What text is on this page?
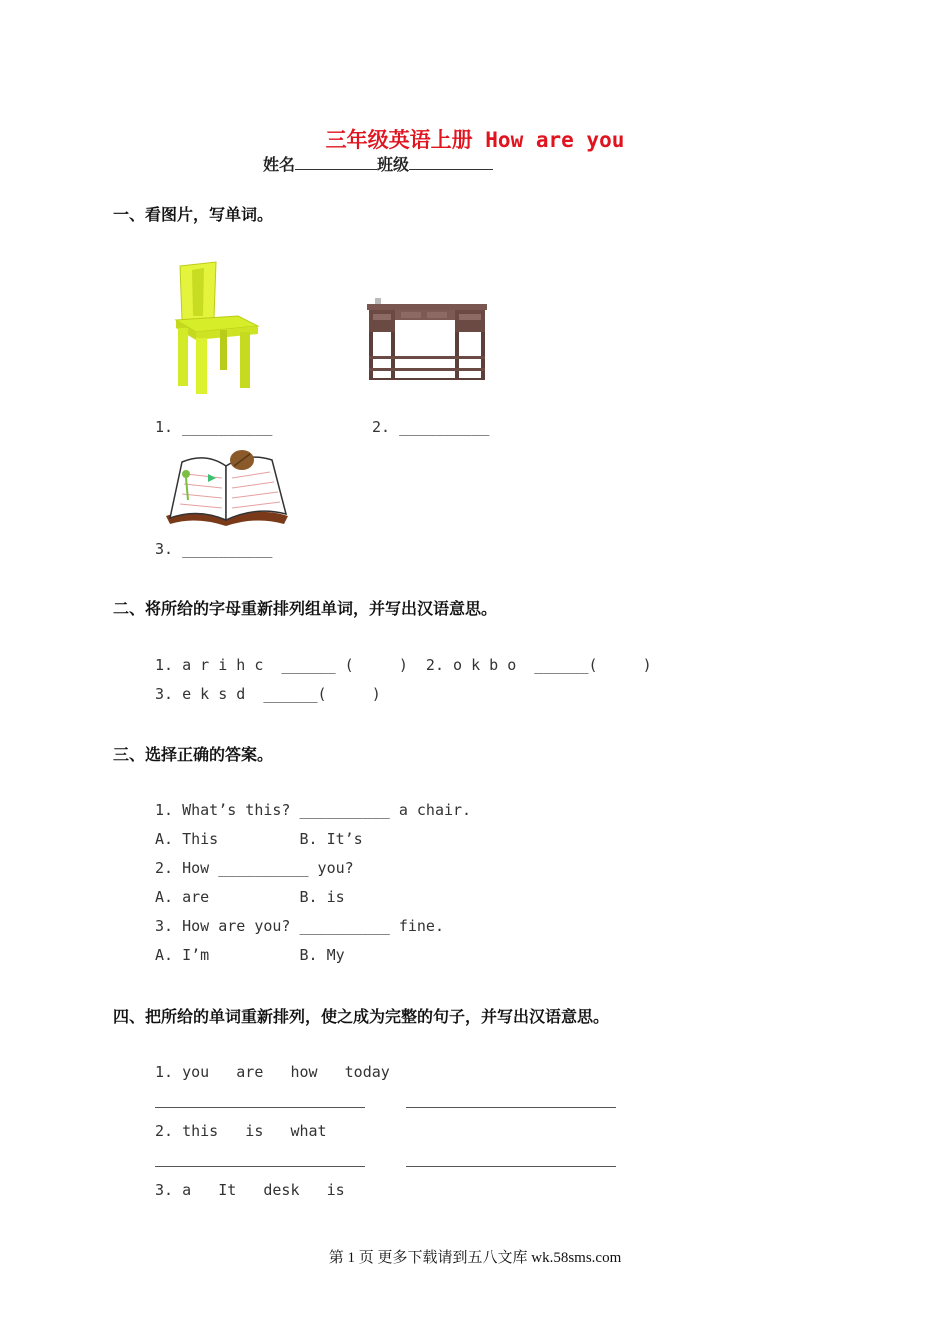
三年级英语上册 How are you
姓名	班级
一、看图片，写单词。
1. __________	2. __________
3. __________
二、将所给的字母重新排列组单词，并写出汉语意思。
1. a r i h c  ______ (     )  2. o k b o  ______(     )
3. e k s d  ______(     )
三、选择正确的答案。
1. What’s this? __________ a chair.
A. This         B. It’s
2. How __________ you?
A. are          B. is
3. How are you? __________ fine.
A. I’m          B. My
四、把所给的单词重新排列，使之成为完整的句子，并写出汉语意思。
1. you   are   how   today
2. this   is   what
3. a   It   desk   is
第 1 页 更多下载请到五八文库 wk.58sms.com
